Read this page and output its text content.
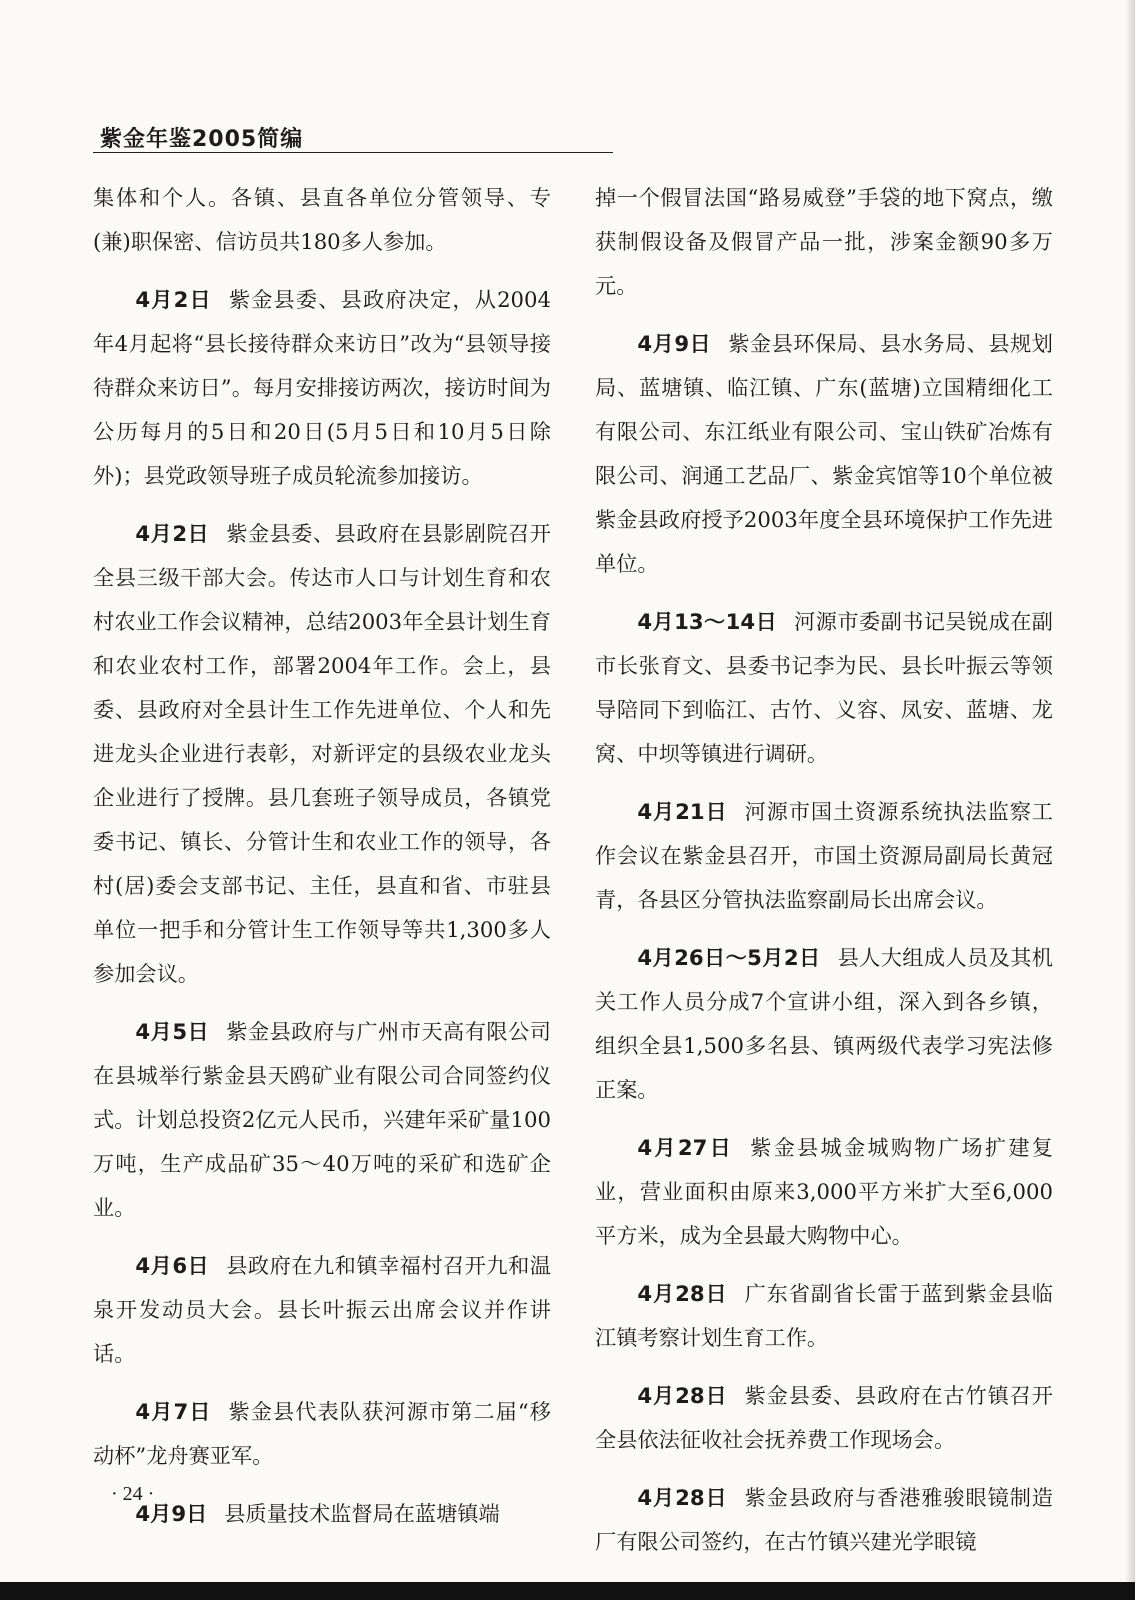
紫金年鉴2005简编

集体和个人。各镇、县直各单位分管领导、专(兼)职保密、信访员共180多人参加。

4月2日 紫金县委、县政府决定，从2004年4月起将“县长接待群众来访日”改为“县领导接待群众来访日”。每月安排接访两次，接访时间为公历每月的5日和20日(5月5日和10月5日除外)；县党政领导班子成员轮流参加接访。

4月2日 紫金县委、县政府在县影剧院召开全县三级干部大会。传达市人口与计划生育和农村农业工作会议精神，总结2003年全县计划生育和农业农村工作，部署2004年工作。会上，县委、县政府对全县计生工作先进单位、个人和先进龙头企业进行表彰，对新评定的县级农业龙头企业进行了授牌。县几套班子领导成员，各镇党委书记、镇长、分管计生和农业工作的领导，各村(居)委会支部书记、主任，县直和省、市驻县单位一把手和分管计生工作领导等共1,300多人参加会议。

4月5日 紫金县政府与广州市天高有限公司在县城举行紫金县天鸥矿业有限公司合同签约仪式。计划总投资2亿元人民币，兴建年采矿量100万吨，生产成品矿35～40万吨的采矿和选矿企业。

4月6日 县政府在九和镇幸福村召开九和温泉开发动员大会。县长叶振云出席会议并作讲话。

4月7日 紫金县代表队获河源市第二届“移动杯”龙舟赛亚军。

4月9日 县质量技术监督局在蓝塘镇端

掉一个假冒法国“路易威登”手袋的地下窝点，缴获制假设备及假冒产品一批，涉案金额90多万元。

4月9日 紫金县环保局、县水务局、县规划局、蓝塘镇、临江镇、广东(蓝塘)立国精细化工有限公司、东江纸业有限公司、宝山铁矿冶炼有限公司、润通工艺品厂、紫金宾馆等10个单位被紫金县政府授予2003年度全县环境保护工作先进单位。

4月13～14日 河源市委副书记吴锐成在副市长张育文、县委书记李为民、县长叶振云等领导陪同下到临江、古竹、义容、凤安、蓝塘、龙窝、中坝等镇进行调研。

4月21日 河源市国土资源系统执法监察工作会议在紫金县召开，市国土资源局副局长黄冠青，各县区分管执法监察副局长出席会议。

4月26日～5月2日 县人大组成人员及其机关工作人员分成7个宣讲小组，深入到各乡镇，组织全县1,500多名县、镇两级代表学习宪法修正案。

4月27日 紫金县城金城购物广场扩建复业，营业面积由原来3,000平方米扩大至6,000平方米，成为全县最大购物中心。

4月28日 广东省副省长雷于蓝到紫金县临江镇考察计划生育工作。

4月28日 紫金县委、县政府在古竹镇召开全县依法征收社会抚养费工作现场会。

4月28日 紫金县政府与香港雅骏眼镜制造厂有限公司签约，在古竹镇兴建光学眼镜

· 24 ·
